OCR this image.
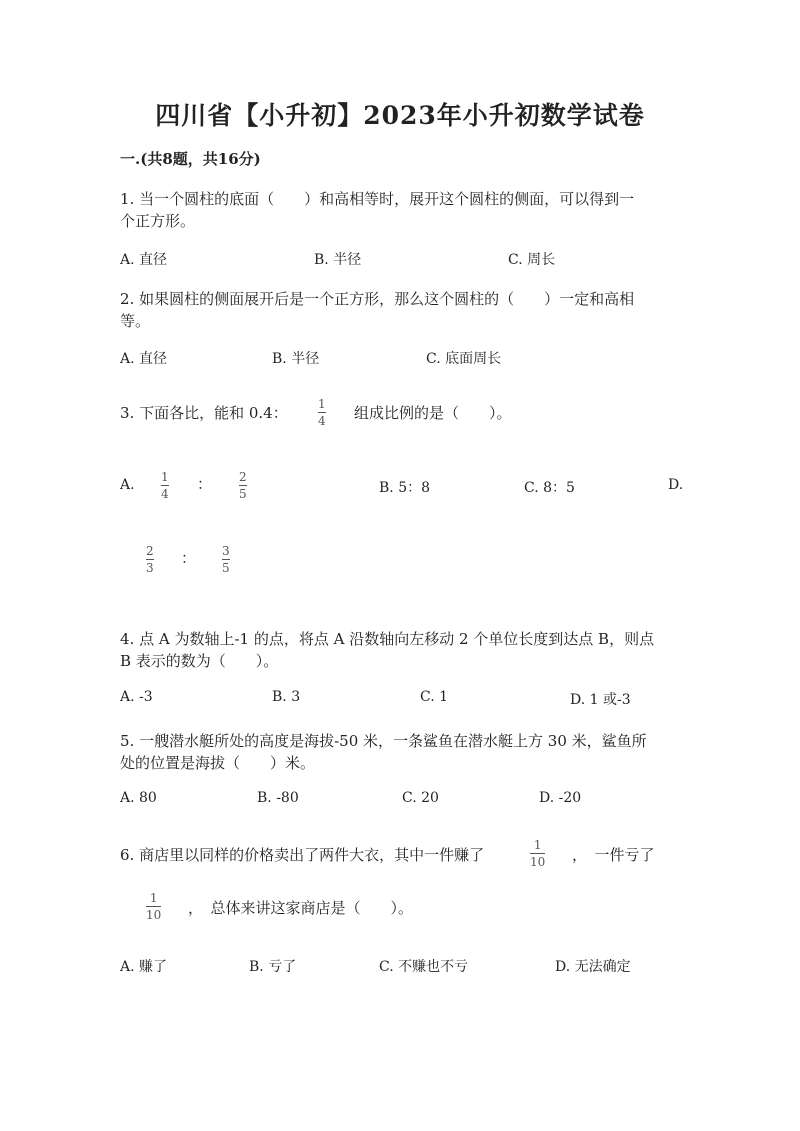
四川省【小升初】2023年小升初数学试卷
一.(共8题，共16分)
1. 当一个圆柱的底面（　　）和高相等时，展开这个圆柱的侧面，可以得到一
个正方形。
A. 直径	B. 半径	C. 周长
2. 如果圆柱的侧面展开后是一个正方形，那么这个圆柱的（　　）一定和高相
等。
A. 直径	B. 半径	C. 底面周长
3. 下面各比，能和 0.4：	1
4 组成比例的是（　　）。
A. 1
4
： 2
5	B. 5：8	C. 8：5	D.
2
3
： 3
5
4. 点 A 为数轴上-1 的点，将点 A 沿数轴向左移动 2 个单位长度到达点 B，则点
B 表示的数为（　　）。
A. -3	B. 3	C. 1	D. 1 或-3
5. 一艘潜水艇所处的高度是海拔-50 米，一条鲨鱼在潜水艇上方 30 米，鲨鱼所
处的位置是海拔（　　）米。
A. 80	B. -80	C. 20	D. -20
6. 商店里以同样的价格卖出了两件大衣，其中一件赚了
1
10 ，　一件亏了
1
10 ，　总体来讲这家商店是（　　）。
A. 赚了	B. 亏了	C. 不赚也不亏	D. 无法确定
